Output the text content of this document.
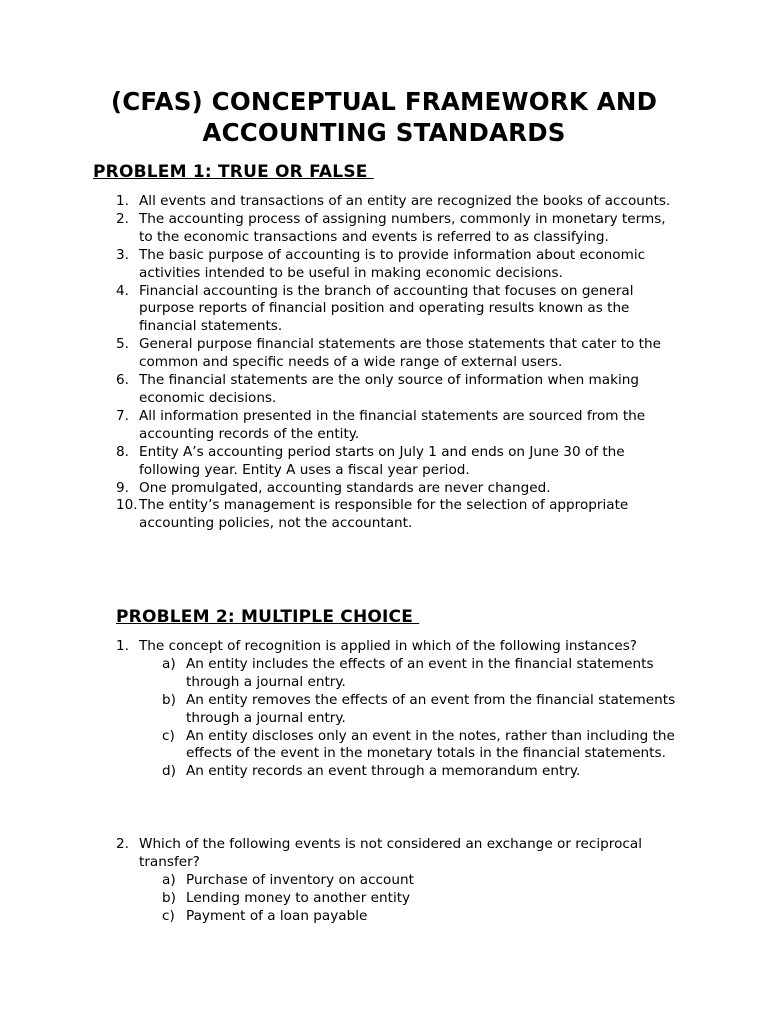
(CFAS) CONCEPTUAL FRAMEWORK AND ACCOUNTING STANDARDS
PROBLEM 1: TRUE OR FALSE
1. All events and transactions of an entity are recognized the books of accounts.
2. The accounting process of assigning numbers, commonly in monetary terms, to the economic transactions and events is referred to as classifying.
3. The basic purpose of accounting is to provide information about economic activities intended to be useful in making economic decisions.
4. Financial accounting is the branch of accounting that focuses on general purpose reports of financial position and operating results known as the financial statements.
5. General purpose financial statements are those statements that cater to the common and specific needs of a wide range of external users.
6. The financial statements are the only source of information when making economic decisions.
7. All information presented in the financial statements are sourced from the accounting records of the entity.
8. Entity A’s accounting period starts on July 1 and ends on June 30 of the following year. Entity A uses a fiscal year period.
9. One promulgated, accounting standards are never changed.
10. The entity’s management is responsible for the selection of appropriate accounting policies, not the accountant.
PROBLEM 2: MULTIPLE CHOICE
1. The concept of recognition is applied in which of the following instances?
a) An entity includes the effects of an event in the financial statements through a journal entry.
b) An entity removes the effects of an event from the financial statements through a journal entry.
c) An entity discloses only an event in the notes, rather than including the effects of the event in the monetary totals in the financial statements.
d) An entity records an event through a memorandum entry.
2. Which of the following events is not considered an exchange or reciprocal transfer?
a) Purchase of inventory on account
b) Lending money to another entity
c) Payment of a loan payable
